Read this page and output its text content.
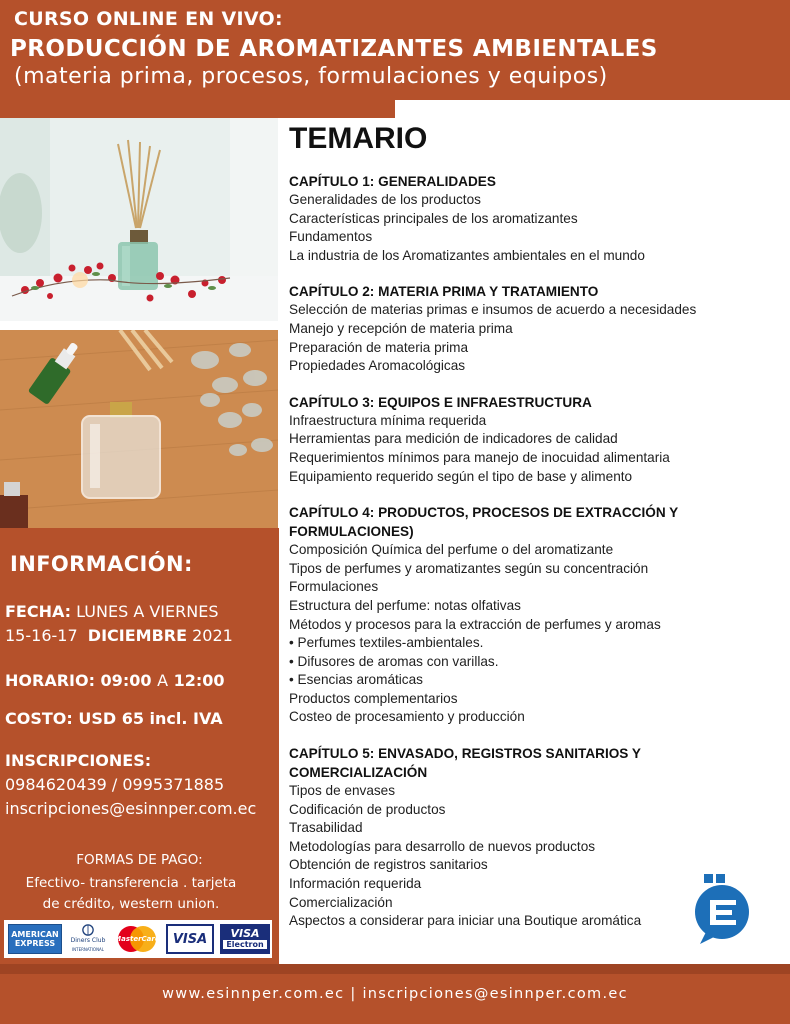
CURSO ONLINE EN VIVO:
PRODUCCIÓN DE AROMATIZANTES AMBIENTALES
(materia prima, procesos, formulaciones y equipos)
INFORMACIÓN:
FECHA: LUNES A VIERNES
15-16-17 DICIEMBRE 2021
HORARIO: 09:00 A 12:00
COSTO: USD 65 incl. IVA
INSCRIPCIONES:
0984620439 / 0995371885
inscripciones@esinnper.com.ec
FORMAS DE PAGO:
Efectivo- transferencia . tarjeta
de crédito, western union.
AMERICAN
EXPRESS	Diners Club
INTERNATIONAL
MasterCard VISA	VISA
Electron
TEMARIO
CAPÍTULO 1: GENERALIDADES
Generalidades de los productos
Características principales de los aromatizantes
Fundamentos
La industria de los Aromatizantes ambientales en el mundo
CAPÍTULO 2: MATERIA PRIMA Y TRATAMIENTO
Selección de materias primas e insumos de acuerdo a necesidades
Manejo y recepción de materia prima
Preparación de materia prima
Propiedades Aromacológicas
CAPÍTULO 3: EQUIPOS E INFRAESTRUCTURA
Infraestructura mínima requerida
Herramientas para medición de indicadores de calidad
Requerimientos mínimos para manejo de inocuidad alimentaria
Equipamiento requerido según el tipo de base y alimento
CAPÍTULO 4: PRODUCTOS, PROCESOS DE EXTRACCIÓN Y
FORMULACIONES)
Composición Química del perfume o del aromatizante
Tipos de perfumes y aromatizantes según su concentración
Formulaciones
Estructura del perfume: notas olfativas
Métodos y procesos para la extracción de perfumes y aromas
• Perfumes textiles-ambientales.
• Difusores de aromas con varillas.
• Esencias aromáticas
Productos complementarios
Costeo de procesamiento y producción
CAPÍTULO 5: ENVASADO, REGISTROS SANITARIOS Y
COMERCIALIZACIÓN
Tipos de envases
Codificación de productos
Trasabilidad
Metodologías para desarrollo de nuevos productos
Obtención de registros sanitarios
Información requerida
Comercialización
Aspectos a considerar para iniciar una Boutique aromática
www.esinnper.com.ec | inscripciones@esinnper.com.ec
